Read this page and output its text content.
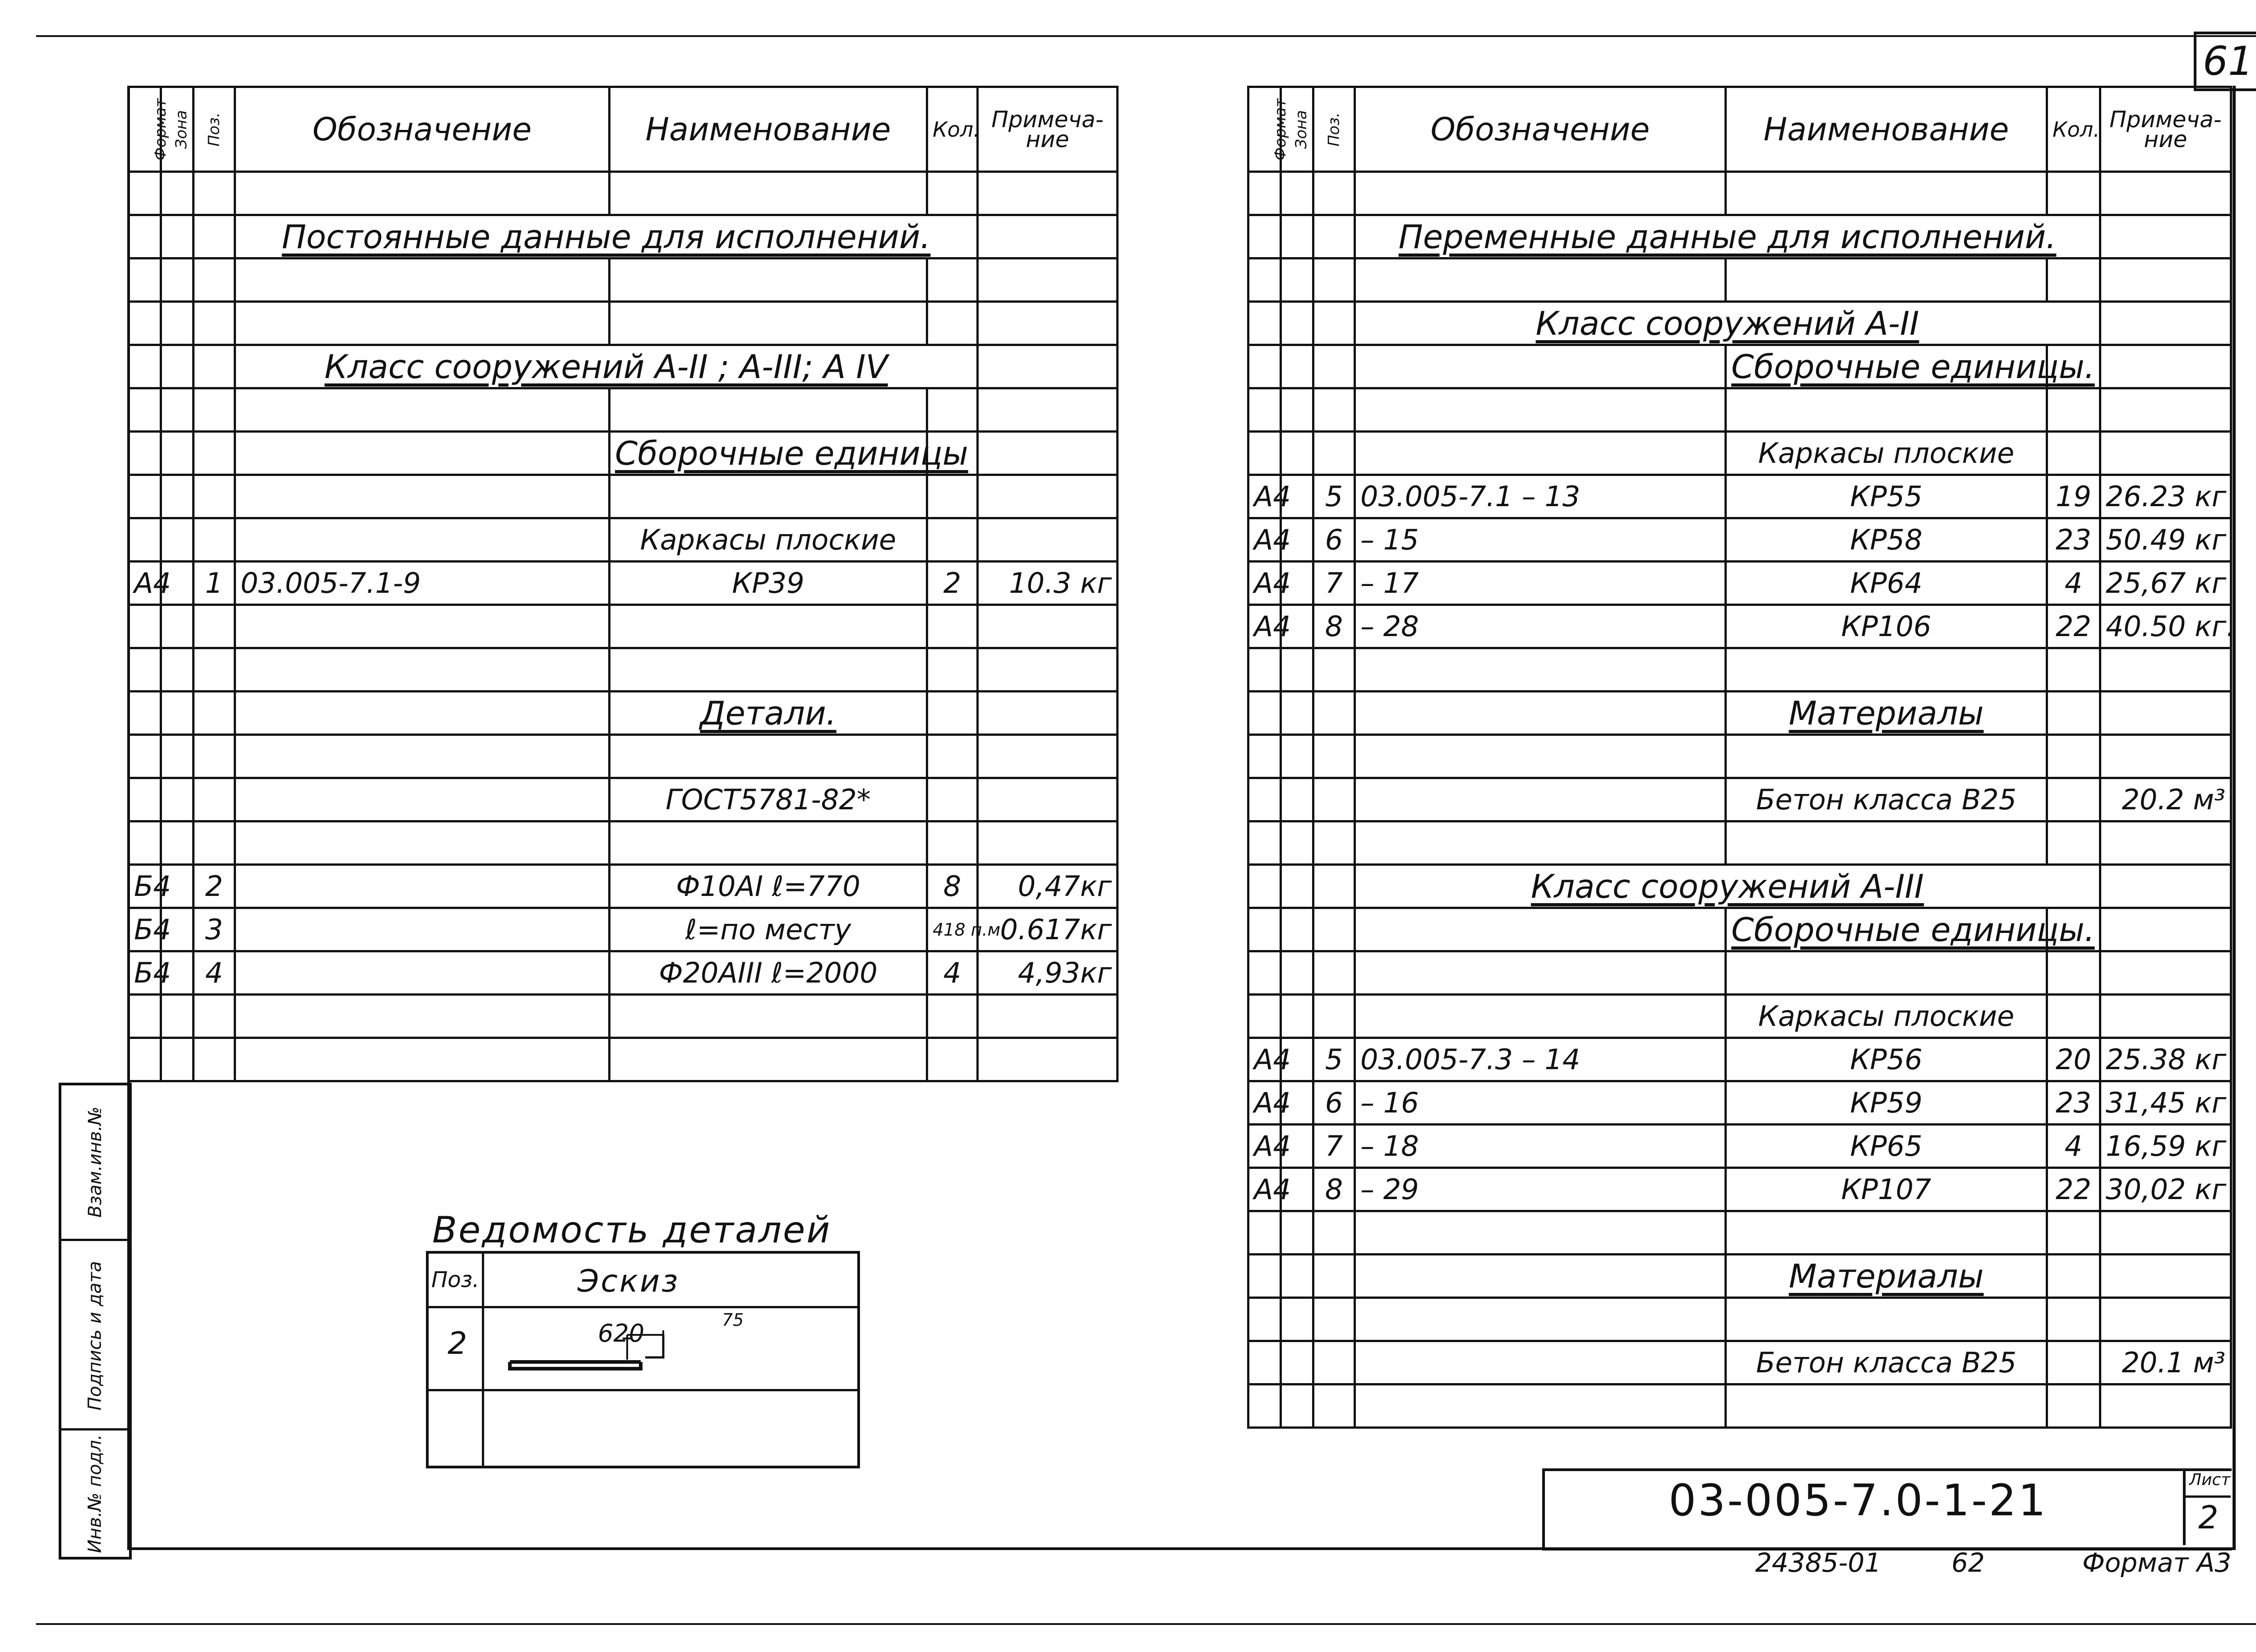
61
Формат	Зона	Поз.	Обозначение	Наименование	Кол.	Примеча-ние

			Постоянные данные для исполнений.			

			Класс сооружений А-II ; А-III; А IV			

				Сборочные единицы		

				Каркасы плоские		
А4		1	03.005-7.1-9	КР39	2	10.3 кг

				Детали.		

				ГОСТ5781-82*		

Б4		2		Ф10АI ℓ=770	8	0,47кг
Б4		3		ℓ=по месту	418 п.м.	0.617кг
Б4		4		Ф20АIII ℓ=2000	4	4,93кг

Формат	Зона	Поз.	Обозначение	Наименование	Кол.	Примеча-ние

			Переменные данные для исполнений.			

			Класс сооружений А-II			
				Сборочные единицы.		

				Каркасы плоские		
А4		5	03.005-7.1 – 13	КР55	19	26.23 кг
А4		6	– 15	КР58	23	50.49 кг
А4		7	– 17	КР64	4	25,67 кг
А4		8	– 28	КР106	22	40.50 кг.

				Материалы		

				Бетон класса В25		20.2 м³

			Класс сооружений А-III			
				Сборочные единицы.		

				Каркасы плоские		
А4		5	03.005-7.3 – 14	КР56	20	25.38 кг
А4		6	– 16	КР59	23	31,45 кг
А4		7	– 18	КР65	4	16,59 кг
А4		8	– 29	КР107	22	30,02 кг

				Материалы		

				Бетон класса В25		20.1 м³

Взам.инв.№
Подпись и дата
Инв.№ подл.
Ведомость деталей
Поз.	Эскиз
2	620	75
03-005-7.0-1-21	Лист
2
24385-01	62	Формат А3
